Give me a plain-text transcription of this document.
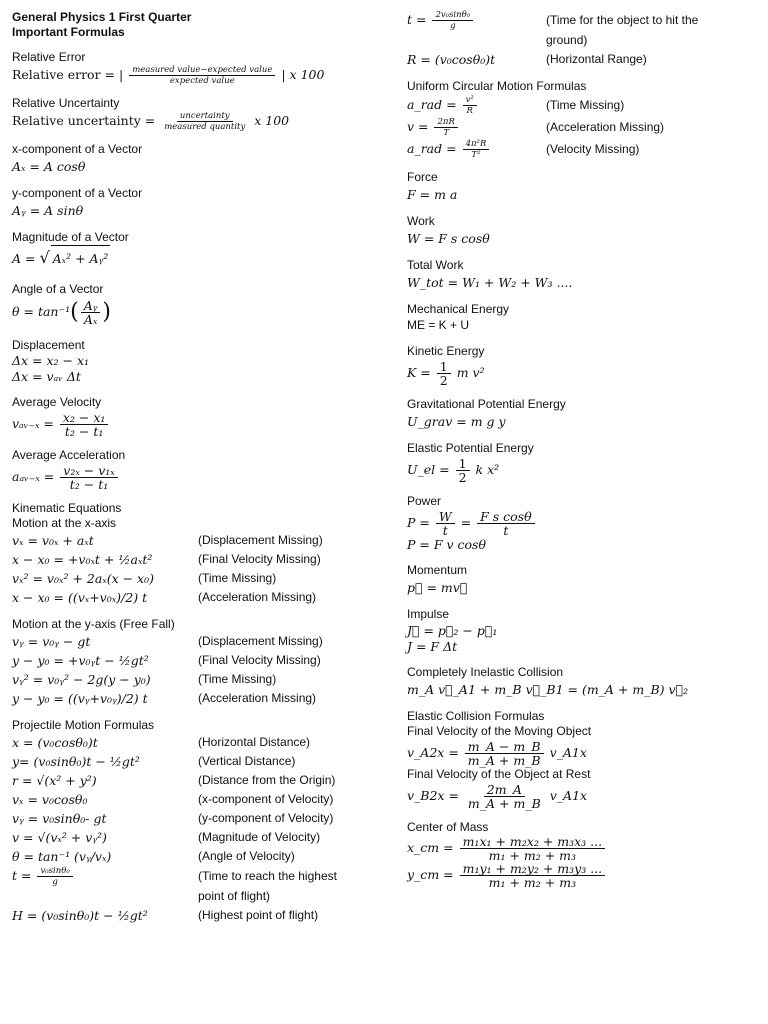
General Physics 1 First Quarter
Important Formulas
Relative Error
Relative error = | $\frac{\text{measured value−expected value}}{\text{expected value}}$ | x 100
Relative Uncertainty
Relative uncertainty = $\frac{\text{uncertainty}}{\text{measured quantity}}$ x 100
x-component of a Vector
Aₓ = A cosθ
y-component of a Vector
Aᵧ = A sinθ
Magnitude of a Vector
A = √ Aₓ² + Aᵧ²
Angle of a Vector
$\theta = \tan^{-1}( \frac{\text{Aᵧ}}{\text{Aₓ}}$ )
Displacement
Δx = x₂ − x₁
Δx = vₐᵥ Δt
Average Velocity
vₐᵥ₋ₓ = $\frac{\text{x₂ − x₁}}{\text{t₂ − t₁}}$
Average Acceleration
aₐᵥ₋ₓ = $\frac{\text{v₂ₓ − v₁ₓ}}{\text{t₂ − t₁}}$
Kinematic Equations
Motion at the x-axis
vₓ = v₀ₓ + aₓt	(Displacement Missing)
x − x₀ = +v₀ₓt + ½aₓt²	(Final Velocity Missing)
vₓ² = v₀ₓ² + 2aₓ(x − x₀)	(Time Missing)
x − x₀ = ((vₓ+v₀ₓ)/2) t	(Acceleration Missing)
Motion at the y-axis (Free Fall)
vᵧ = v₀ᵧ − gt	(Displacement Missing)
y − y₀ = +v₀ᵧt − ½gt²	(Final Velocity Missing)
vᵧ² = v₀ᵧ² − 2g(y − y₀)	(Time Missing)
y − y₀ = ((vᵧ+v₀ᵧ)/2) t	(Acceleration Missing)
Projectile Motion Formulas
x = (v₀cosθ₀)t	(Horizontal Distance)
y= (v₀sinθ₀)t − ½gt²	(Vertical Distance)
r = √(x² + y²)	(Distance from the Origin)
vₓ = v₀cosθ₀	(x-component of Velocity)
vᵧ = v₀sinθ₀- gt	(y-component of Velocity)
v = √(vₓ² + vᵧ²)	(Magnitude of Velocity)
θ = tan⁻¹ (vᵧ/vₓ)	(Angle of Velocity)
$t = \frac{\text{v₀sinθ₀}}{g}$	(Time to reach the highest point of flight)
H = (v₀sinθ₀)t − ½gt²	(Highest point of flight)
$t = \frac{\text{2v₀sinθ₀}}{g}$	(Time for the object to hit the ground)
R = (v₀cosθ₀)t	(Horizontal Range)
Uniform Circular Motion Formulas
a_rad = $\frac{\text{v²}}{R}$	(Time Missing)
$v = \frac{2\pi R}{T}$	(Acceleration Missing)
a_rad = $\frac{\text{4π²R}}{\text{T²}}$	(Velocity Missing)
Force
F = m a
Work
W = F s cosθ
Total Work
W_tot = W₁ + W₂ + W₃ ....
Mechanical Energy
ME = K + U
Kinetic Energy
$K = \frac{1}{2}$ m v²
Gravitational Potential Energy
U_grav = m g y
Elastic Potential Energy
U_el = $\frac{1}{2}$ k x²
Power
$P = \frac{W}{t} = \frac{\text{F s cosθ}}{t}$
P = F v cosθ
Momentum
p⃗ = mv⃗
Impulse
J⃗ = p⃗₂ − p⃗₁
J = F Δt
Completely Inelastic Collision
m_A v⃗_A1 + m_B v⃗_B1 = (m_A + m_B) v⃗₂
Elastic Collision Formulas
Final Velocity of the Moving Object
v_A2x = $\frac{m\_A - m\_B}{m\_A + m\_B}$ v_A1x
Final Velocity of the Object at Rest
v_B2x = $\frac{2m\_A}{m\_A + m\_B}$ v_A1x
Center of Mass
x_cm = $\frac{\text{m₁x₁ + m₂x₂ + m₃x₃ ...}}{\text{m₁ + m₂ + m₃}}$
y_cm = $\frac{\text{m₁y₁ + m₂y₂ + m₃y₃ ...}}{\text{m₁ + m₂ + m₃}}$
